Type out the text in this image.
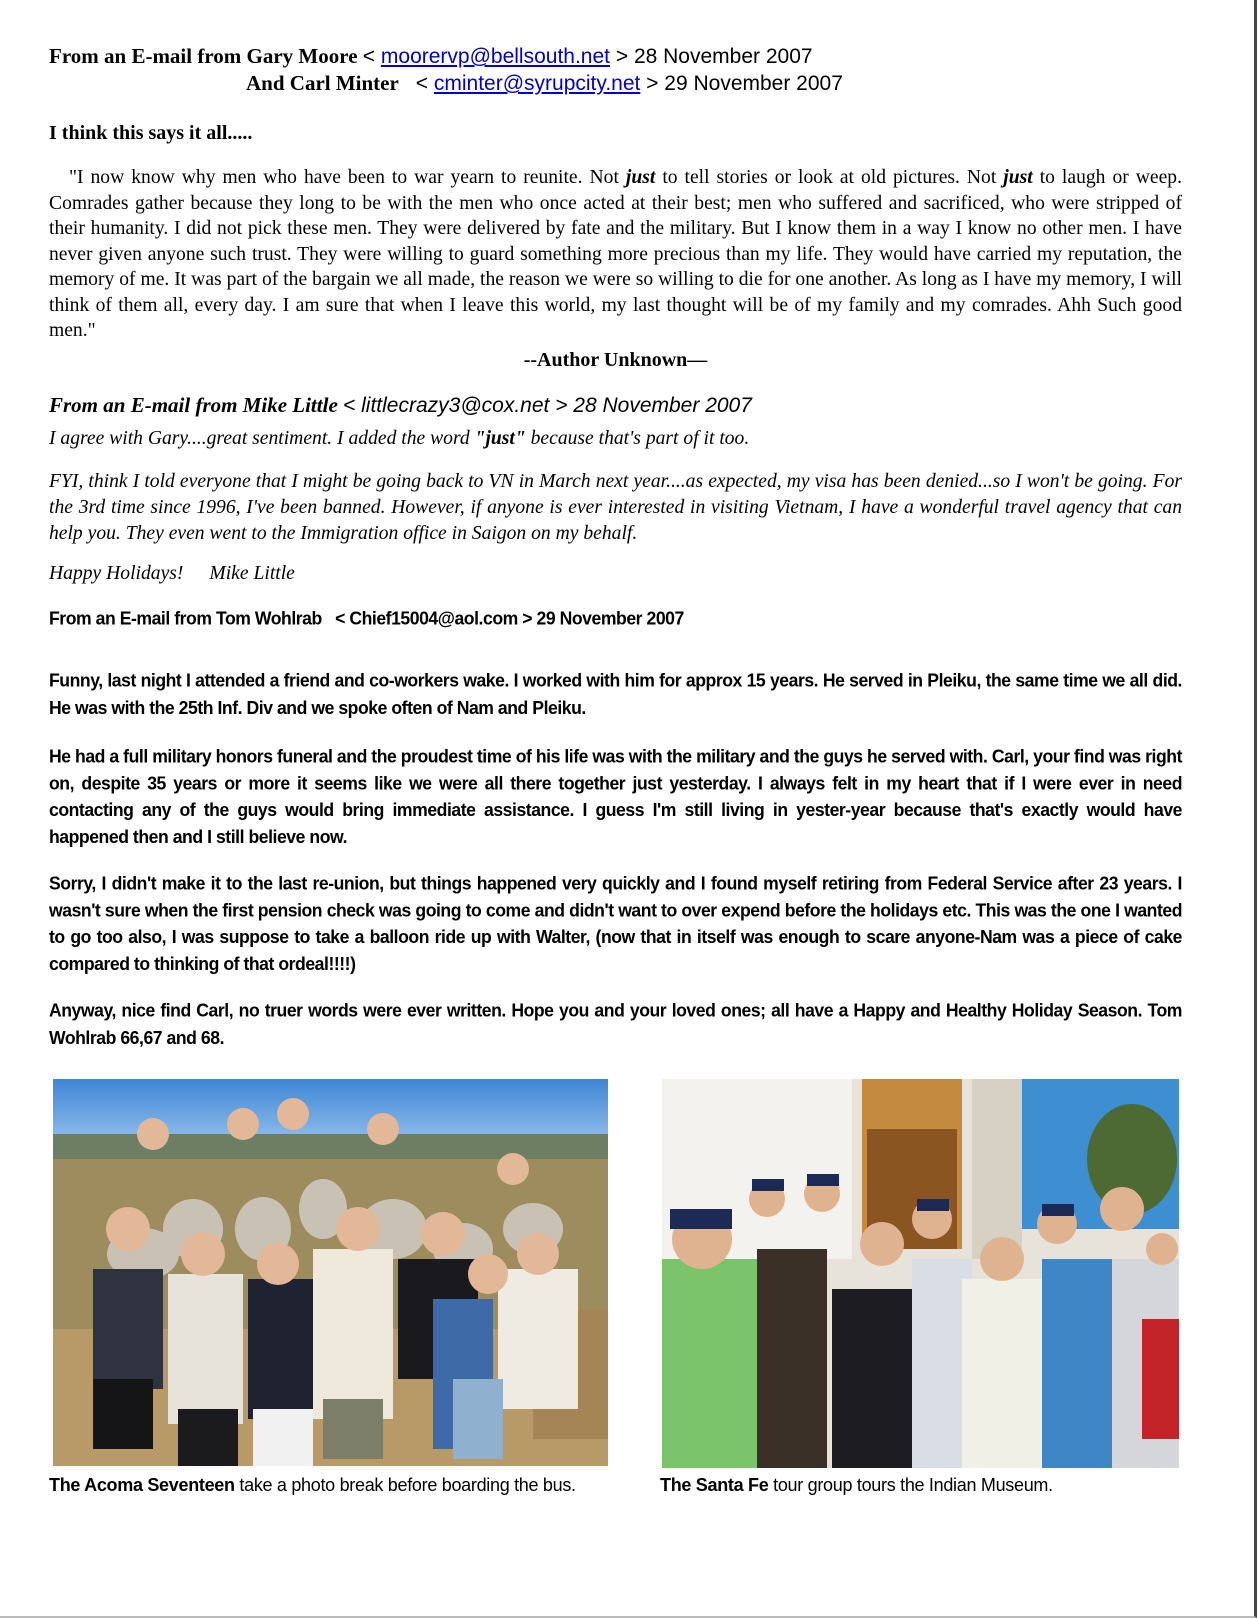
From an E-mail from Gary Moore < moorervp@bellsouth.net > 28 November 2007
And Carl Minter   < cminter@syrupcity.net > 29 November 2007
I think this says it all.....
"I now know why men who have been to war yearn to reunite. Not just to tell stories or look at old pictures. Not just to laugh or weep. Comrades gather because they long to be with the men who once acted at their best; men who suffered and sacrificed, who were stripped of their humanity. I did not pick these men. They were delivered by fate and the military. But I know them in a way I know no other men. I have never given anyone such trust. They were willing to guard something more precious than my life. They would have carried my reputation, the memory of me. It was part of the bargain we all made, the reason we were so willing to die for one another. As long as I have my memory, I will think of them all, every day. I am sure that when I leave this world, my last thought will be of my family and my comrades. Ahh Such good men."
--Author Unknown—
From an E-mail from Mike Little < littlecrazy3@cox.net > 28 November 2007
I agree with Gary....great sentiment. I added the word "just" because that's part of it too.
FYI, think I told everyone that I might be going back to VN in March next year....as expected, my visa has been denied...so I won't be going. For the 3rd time since 1996, I've been banned. However, if anyone is ever interested in visiting Vietnam, I have a wonderful travel agency that can help you. They even went to the Immigration office in Saigon on my behalf.
Happy Holidays! Mike Little
From an E-mail from Tom Wohlrab   < Chief15004@aol.com > 29 November 2007
Funny, last night I attended a friend and co-workers wake. I worked with him for approx 15 years. He served in Pleiku, the same time we all did. He was with the 25th Inf. Div and we spoke often of Nam and Pleiku.
He had a full military honors funeral and the proudest time of his life was with the military and the guys he served with. Carl, your find was right on, despite 35 years or more it seems like we were all there together just yesterday. I always felt in my heart that if I were ever in need contacting any of the guys would bring immediate assistance. I guess I'm still living in yester-year because that's exactly would have happened then and I still believe now.
Sorry, I didn't make it to the last re-union, but things happened very quickly and I found myself retiring from Federal Service after 23 years. I wasn't sure when the first pension check was going to come and didn't want to over expend before the holidays etc. This was the one I wanted to go too also, I was suppose to take a balloon ride up with Walter, (now that in itself was enough to scare anyone-Nam was a piece of cake compared to thinking of that ordeal!!!!)
Anyway, nice find Carl, no truer words were ever written. Hope you and your loved ones; all have a Happy and Healthy Holiday Season. Tom Wohlrab 66,67 and 68.
The Acoma Seventeen take a photo break before boarding the bus.	The Santa Fe tour group tours the Indian Museum.
